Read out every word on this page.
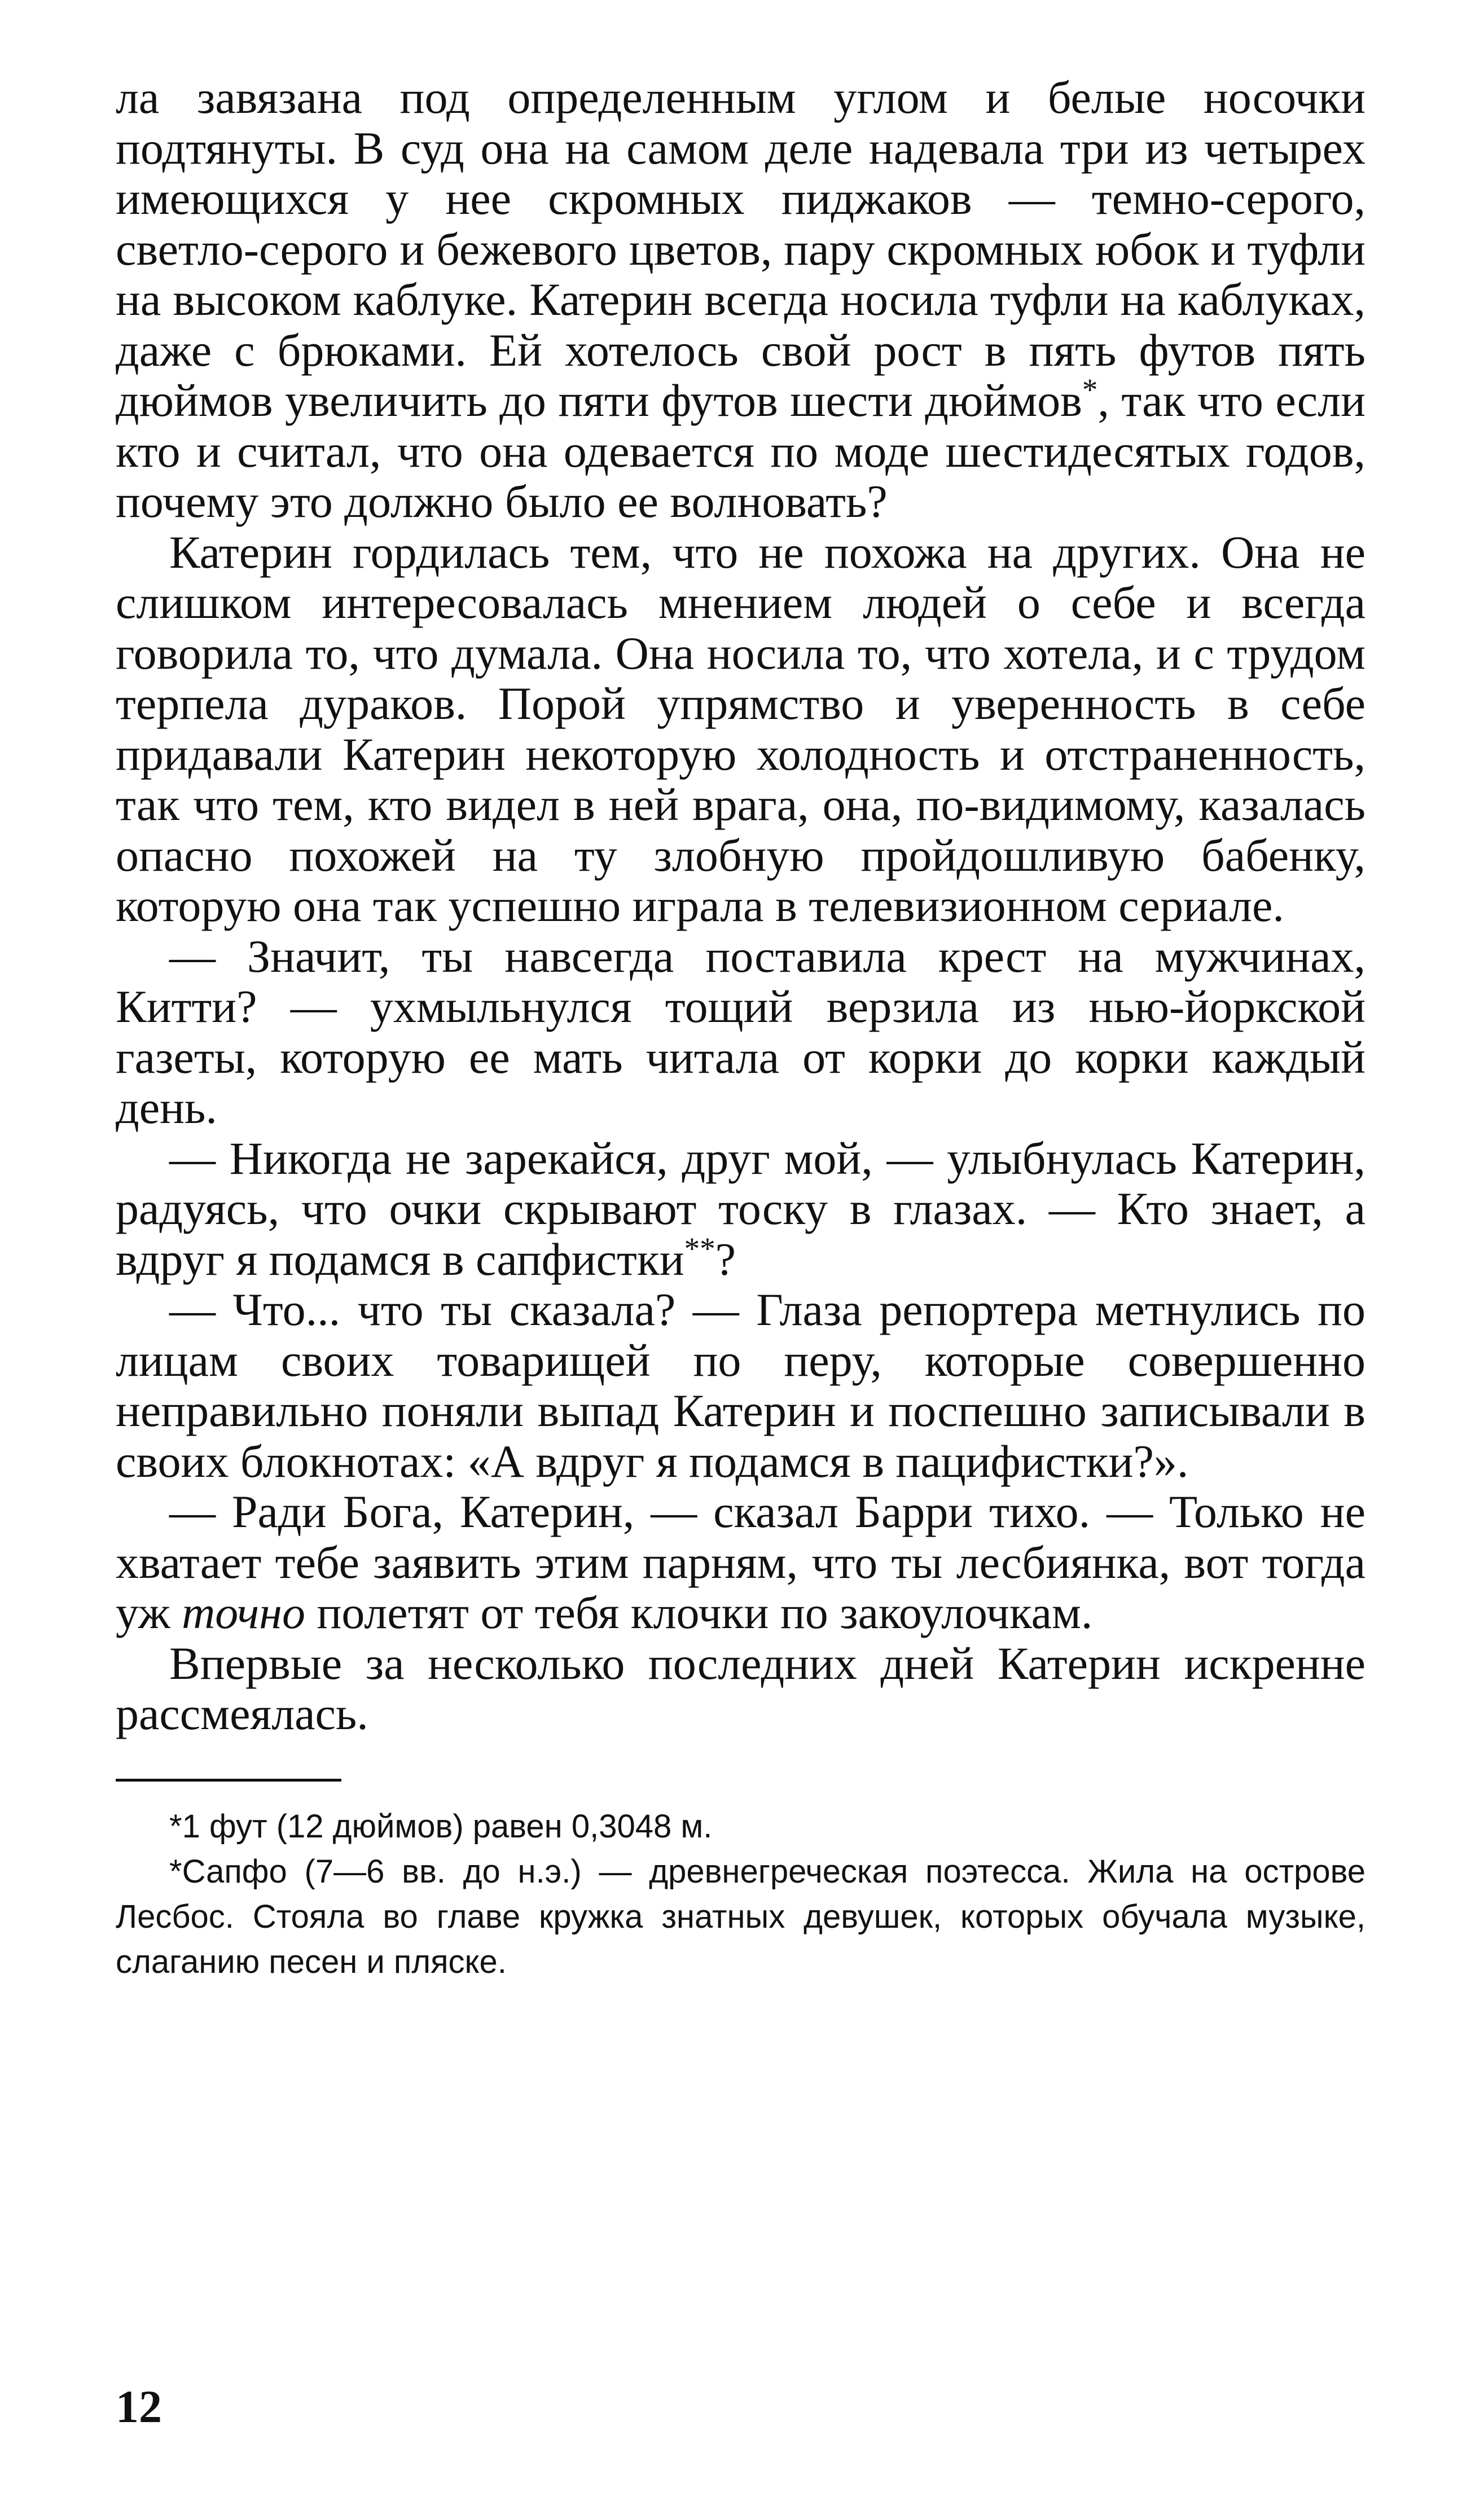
ла завязана под определенным углом и белые носочки подтянуты. В суд она на самом деле надевала три из четырех имеющихся у нее скромных пиджаков — темно-серого, светло-серого и бежевого цветов, пару скромных юбок и туфли на высоком каблуке. Катерин всегда носила туфли на каблуках, даже с брюками. Ей хотелось свой рост в пять футов пять дюймов увеличить до пяти футов шести дюймов*, так что если кто и считал, что она одевается по моде шестидесятых годов, почему это должно было ее волновать?

Катерин гордилась тем, что не похожа на других. Она не слишком интересовалась мнением людей о себе и всегда говорила то, что думала. Она носила то, что хотела, и с трудом терпела дураков. Порой упрямство и уверенность в себе придавали Катерин некоторую холодность и отстраненность, так что тем, кто видел в ней врага, она, по-видимому, казалась опасно похожей на ту злобную пройдошливую бабенку, которую она так успешно играла в телевизионном сериале.

— Значит, ты навсегда поставила крест на мужчинах, Китти? — ухмыльнулся тощий верзила из нью-йоркской газеты, которую ее мать читала от корки до корки каждый день.

— Никогда не зарекайся, друг мой, — улыбнулась Катерин, радуясь, что очки скрывают тоску в глазах. — Кто знает, а вдруг я подамся в сапфистки**?

— Что... что ты сказала? — Глаза репортера метнулись по лицам своих товарищей по перу, которые совершенно неправильно поняли выпад Катерин и поспешно записывали в своих блокнотах: «А вдруг я подамся в пацифистки?».

— Ради Бога, Катерин, — сказал Барри тихо. — Только не хватает тебе заявить этим парням, что ты лесбиянка, вот тогда уж точно полетят от тебя клочки по закоулочкам.

Впервые за несколько последних дней Катерин искренне рассмеялась.

*1 фут (12 дюймов) равен 0,3048 м.

*Сапфо (7—6 вв. до н.э.) — древнегреческая поэтесса. Жила на острове Лесбос. Стояла во главе кружка знатных девушек, которых обучала музыке, слаганию песен и пляске.

12
